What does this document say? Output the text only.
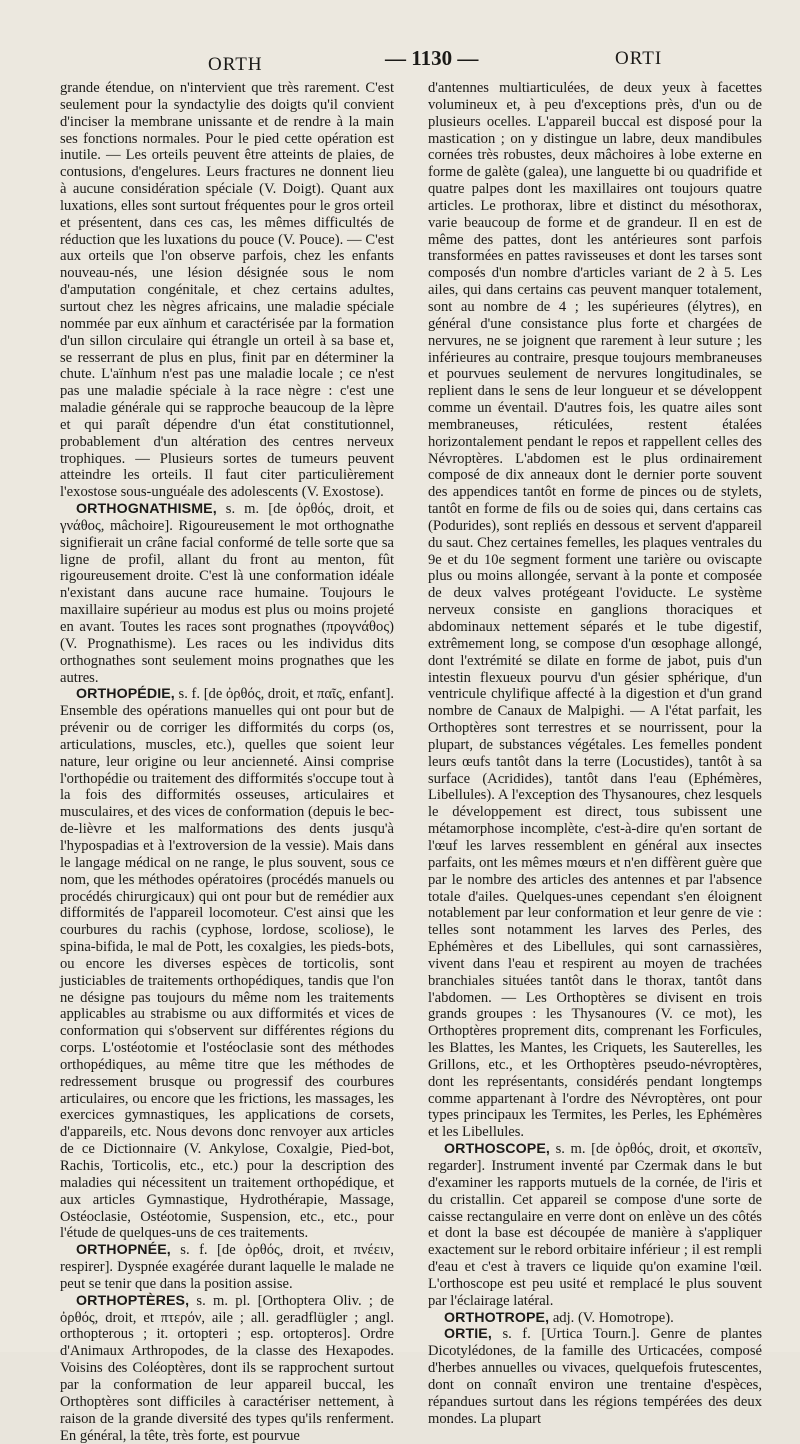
ORTH	— 1130 —	ORTI

grande étendue, on n'intervient que très rarement. C'est seulement pour la syndactylie des doigts qu'il convient d'inciser la membrane unissante et de rendre à la main ses fonctions normales. Pour le pied cette opération est inutile. — Les orteils peuvent être atteints de plaies, de contusions, d'engelures. Leurs fractures ne donnent lieu à aucune considération spéciale (V. Doigt). Quant aux luxations, elles sont surtout fréquentes pour le gros orteil et présentent, dans ces cas, les mêmes difficultés de réduction que les luxations du pouce (V. Pouce). — C'est aux orteils que l'on observe parfois, chez les enfants nouveau-nés, une lésion désignée sous le nom d'amputation congénitale, et chez certains adultes, surtout chez les nègres africains, une maladie spéciale nommée par eux aïnhum et caractérisée par la formation d'un sillon circulaire qui étrangle un orteil à sa base et, se resserrant de plus en plus, finit par en déterminer la chute. L'aïnhum n'est pas une maladie locale ; ce n'est pas une maladie spéciale à la race nègre : c'est une maladie générale qui se rapproche beaucoup de la lèpre et qui paraît dépendre d'un état constitutionnel, probablement d'un altération des centres nerveux trophiques. — Plusieurs sortes de tumeurs peuvent atteindre les orteils. Il faut citer particulièrement l'exostose sous-unguéale des adolescents (V. Exostose).

ORTHOGNATHISME, s. m. [de ὀρθός, droit, et γνάθος, mâchoire]. Rigoureusement le mot orthognathe signifierait un crâne facial conformé de telle sorte que sa ligne de profil, allant du front au menton, fût rigoureusement droite. C'est là une conformation idéale n'existant dans aucune race humaine. Toujours le maxillaire supérieur au modus est plus ou moins projeté en avant. Toutes les races sont prognathes (προγνάθος) (V. Prognathisme). Les races ou les individus dits orthognathes sont seulement moins prognathes que les autres.

ORTHOPÉDIE, s. f. [de ὀρθός, droit, et παῖς, enfant]. Ensemble des opérations manuelles qui ont pour but de prévenir ou de corriger les difformités du corps (os, articulations, muscles, etc.), quelles que soient leur nature, leur origine ou leur ancienneté. Ainsi comprise l'orthopédie ou traitement des difformités s'occupe tout à la fois des difformités osseuses, articulaires et musculaires, et des vices de conformation (depuis le bec-de-lièvre et les malformations des dents jusqu'à l'hypospadias et à l'extroversion de la vessie). Mais dans le langage médical on ne range, le plus souvent, sous ce nom, que les méthodes opératoires (procédés manuels ou procédés chirurgicaux) qui ont pour but de remédier aux difformités de l'appareil locomoteur. C'est ainsi que les courbures du rachis (cyphose, lordose, scoliose), le spina-bifida, le mal de Pott, les coxalgies, les pieds-bots, ou encore les diverses espèces de torticolis, sont justiciables de traitements orthopédiques, tandis que l'on ne désigne pas toujours du même nom les traitements applicables au strabisme ou aux difformités et vices de conformation qui s'observent sur différentes régions du corps. L'ostéotomie et l'ostéoclasie sont des méthodes orthopédiques, au même titre que les méthodes de redressement brusque ou progressif des courbures articulaires, ou encore que les frictions, les massages, les exercices gymnastiques, les applications de corsets, d'appareils, etc. Nous devons donc renvoyer aux articles de ce Dictionnaire (V. Ankylose, Coxalgie, Pied-bot, Rachis, Torticolis, etc., etc.) pour la description des maladies qui nécessitent un traitement orthopédique, et aux articles Gymnastique, Hydrothérapie, Massage, Ostéoclasie, Ostéotomie, Suspension, etc., etc., pour l'étude de quelques-uns de ces traitements.

ORTHOPNÉE, s. f. [de ὀρθός, droit, et πνέειν, respirer]. Dyspnée exagérée durant laquelle le malade ne peut se tenir que dans la position assise.

ORTHOPTÈRES, s. m. pl. [Orthoptera Oliv. ; de ὀρθός, droit, et πτερόν, aile ; all. geradflügler ; angl. orthopterous ; it. ortopteri ; esp. ortopteros]. Ordre d'Animaux Arthropodes, de la classe des Hexapodes. Voisins des Coléoptères, dont ils se rapprochent surtout par la conformation de leur appareil buccal, les Orthoptères sont difficiles à caractériser nettement, à raison de la grande diversité des types qu'ils renferment. En général, la tête, très forte, est pourvue

d'antennes multiarticulées, de deux yeux à facettes volumineux et, à peu d'exceptions près, d'un ou de plusieurs ocelles. L'appareil buccal est disposé pour la mastication ; on y distingue un labre, deux mandibules cornées très robustes, deux mâchoires à lobe externe en forme de galète (galea), une languette bi ou quadrifide et quatre palpes dont les maxillaires ont toujours quatre articles. Le prothorax, libre et distinct du mésothorax, varie beaucoup de forme et de grandeur. Il en est de même des pattes, dont les antérieures sont parfois transformées en pattes ravisseuses et dont les tarses sont composés d'un nombre d'articles variant de 2 à 5. Les ailes, qui dans certains cas peuvent manquer totalement, sont au nombre de 4 ; les supérieures (élytres), en général d'une consistance plus forte et chargées de nervures, ne se joignent que rarement à leur suture ; les inférieures au contraire, presque toujours membraneuses et pourvues seulement de nervures longitudinales, se replient dans le sens de leur longueur et se développent comme un éventail. D'autres fois, les quatre ailes sont membraneuses, réticulées, restent étalées horizontalement pendant le repos et rappellent celles des Névroptères. L'abdomen est le plus ordinairement composé de dix anneaux dont le dernier porte souvent des appendices tantôt en forme de pinces ou de stylets, tantôt en forme de fils ou de soies qui, dans certains cas (Podurides), sont repliés en dessous et servent d'appareil du saut. Chez certaines femelles, les plaques ventrales du 9e et du 10e segment forment une tarière ou oviscapte plus ou moins allongée, servant à la ponte et composée de deux valves protégeant l'oviducte. Le système nerveux consiste en ganglions thoraciques et abdominaux nettement séparés et le tube digestif, extrêmement long, se compose d'un œsophage allongé, dont l'extrémité se dilate en forme de jabot, puis d'un intestin flexueux pourvu d'un gésier sphérique, d'un ventricule chylifique affecté à la digestion et d'un grand nombre de Canaux de Malpighi. — A l'état parfait, les Orthoptères sont terrestres et se nourrissent, pour la plupart, de substances végétales. Les femelles pondent leurs œufs tantôt dans la terre (Locustides), tantôt à sa surface (Acridides), tantôt dans l'eau (Ephémères, Libellules). A l'exception des Thysanoures, chez lesquels le développement est direct, tous subissent une métamorphose incomplète, c'est-à-dire qu'en sortant de l'œuf les larves ressemblent en général aux insectes parfaits, ont les mêmes mœurs et n'en diffèrent guère que par le nombre des articles des antennes et par l'absence totale d'ailes. Quelques-unes cependant s'en éloignent notablement par leur conformation et leur genre de vie : telles sont notamment les larves des Perles, des Ephémères et des Libellules, qui sont carnassières, vivent dans l'eau et respirent au moyen de trachées branchiales situées tantôt dans le thorax, tantôt dans l'abdomen. — Les Orthoptères se divisent en trois grands groupes : les Thysanoures (V. ce mot), les Orthoptères proprement dits, comprenant les Forficules, les Blattes, les Mantes, les Criquets, les Sauterelles, les Grillons, etc., et les Orthoptères pseudo-névroptères, dont les représentants, considérés pendant longtemps comme appartenant à l'ordre des Névroptères, ont pour types principaux les Termites, les Perles, les Ephémères et les Libellules.

ORTHOSCOPE, s. m. [de ὀρθός, droit, et σκοπεῖν, regarder]. Instrument inventé par Czermak dans le but d'examiner les rapports mutuels de la cornée, de l'iris et du cristallin. Cet appareil se compose d'une sorte de caisse rectangulaire en verre dont on enlève un des côtés et dont la base est découpée de manière à s'appliquer exactement sur le rebord orbitaire inférieur ; il est rempli d'eau et c'est à travers ce liquide qu'on examine l'œil. L'orthoscope est peu usité et remplacé le plus souvent par l'éclairage latéral.

ORTHOTROPE, adj. (V. Homotrope).

ORTIE, s. f. [Urtica Tourn.]. Genre de plantes Dicotylédones, de la famille des Urticacées, composé d'herbes annuelles ou vivaces, quelquefois frutescentes, dont on connaît environ une trentaine d'espèces, répandues surtout dans les régions tempérées des deux mondes. La plupart
